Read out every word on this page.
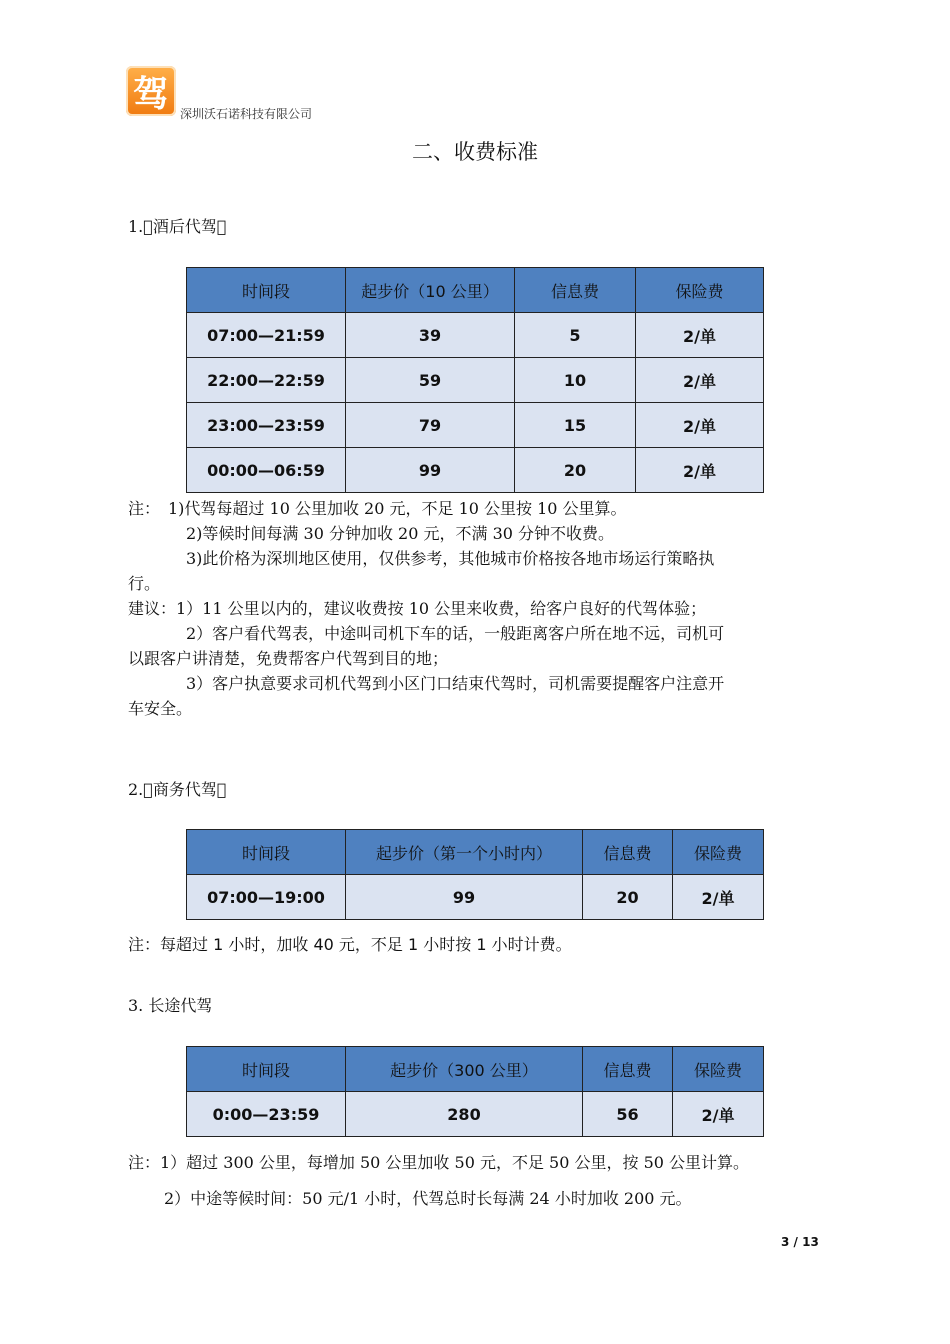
驾 深圳沃石诺科技有限公司
二、收费标准
1. 酒后代驾 
时间段	起步价（10 公里）	信息费	保险费
07:00—21:59	39	5	2/单
22:00—22:59	59	10	2/单
23:00—23:59	79	15	2/单
00:00—06:59	99	20	2/单
注：　1)代驾每超过 10 公里加收 20 元，不足 10 公里按 10 公里算。
2)等候时间每满 30 分钟加收 20 元，不满 30 分钟不收费。
3)此价格为深圳地区使用，仅供参考，其他城市价格按各地市场运行策略执
行。
建议：1）11 公里以内的，建议收费按 10 公里来收费，给客户良好的代驾体验；
2）客户看代驾表，中途叫司机下车的话，一般距离客户所在地不远，司机可
以跟客户讲清楚，免费帮客户代驾到目的地；
3）客户执意要求司机代驾到小区门口结束代驾时，司机需要提醒客户注意开
车安全。
2. 商务代驾 
时间段	起步价（第一个小时内）	信息费	保险费
07:00—19:00	99	20	2/单
注：每超过 1 小时，加收 40 元，不足 1 小时按 1 小时计费。
3. 长途代驾
时间段	起步价（300 公里）	信息费	保险费
0:00—23:59	280	56	2/单
注：1）超过 300 公里，每增加 50 公里加收 50 元，不足 50 公里，按 50 公里计算。
2）中途等候时间：50 元/1 小时，代驾总时长每满 24 小时加收 200 元。
3 / 13
